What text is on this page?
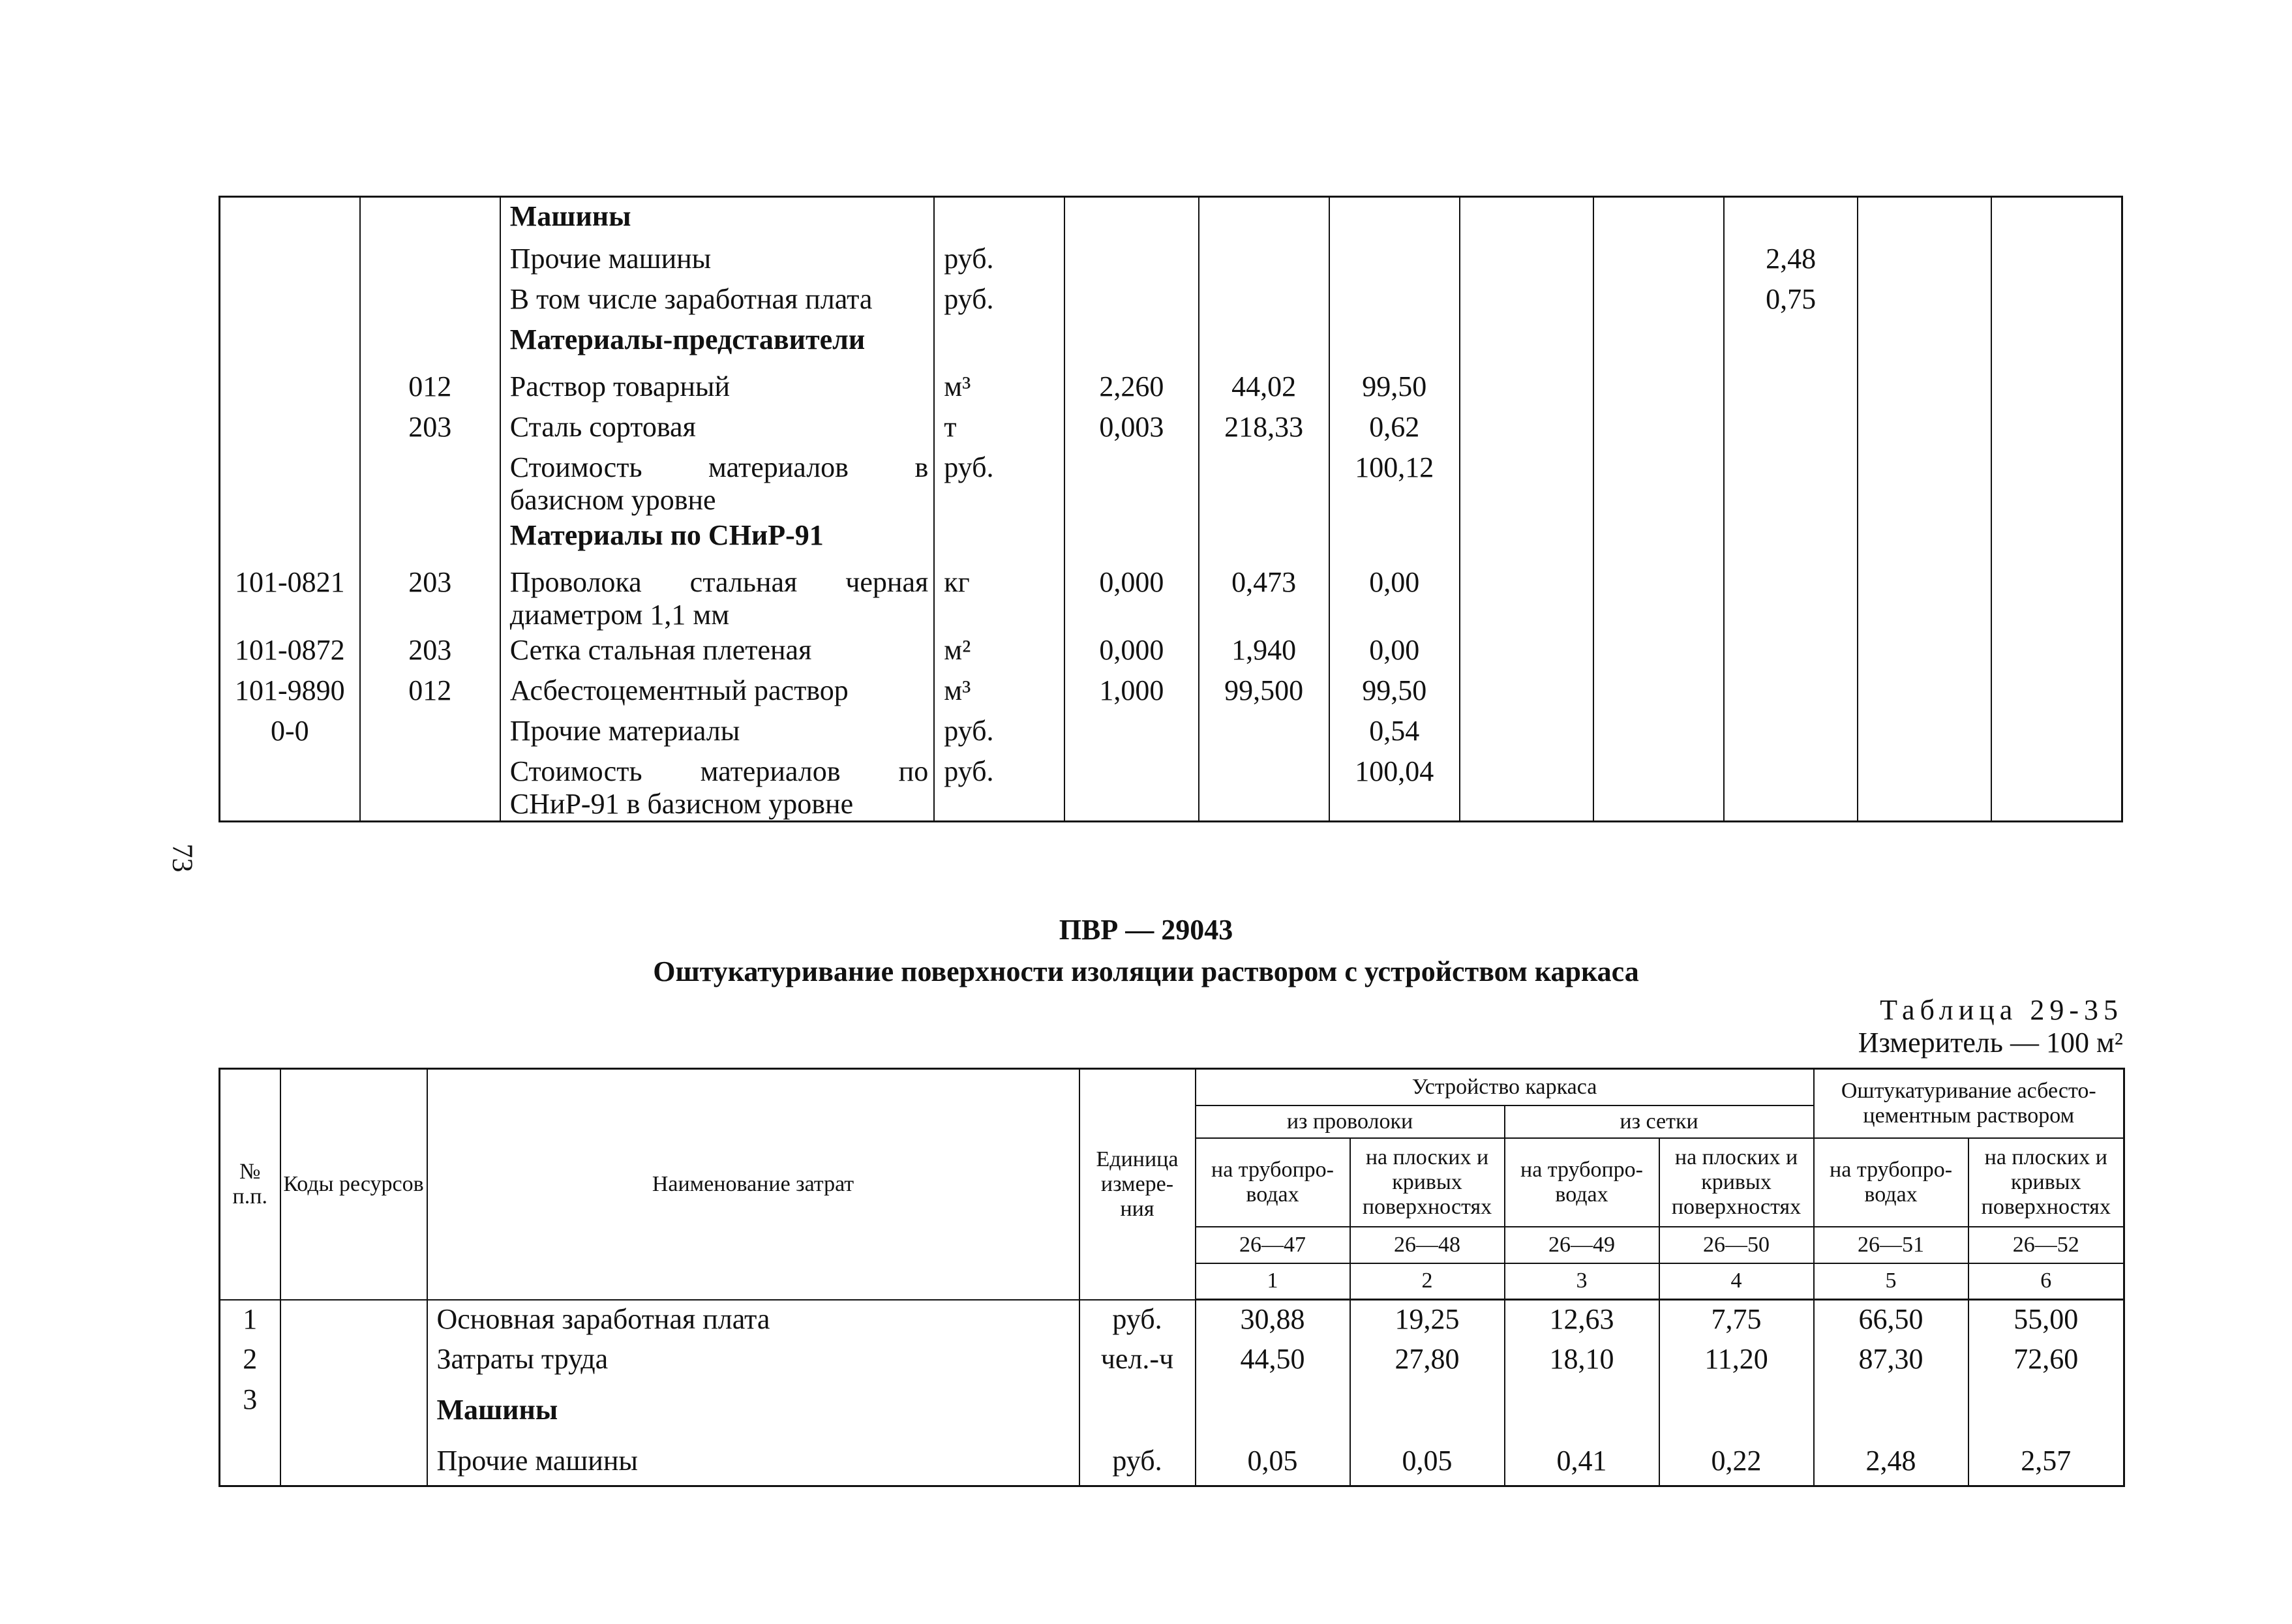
73
		Машины									
		Прочие машины	руб.						2,48		
		В том числе заработная плата	руб.						0,75		
		Материалы-представители									
	012	Раствор товарный	м³	2,260	44,02	99,50					
	203	Сталь сортовая	т	0,003	218,33	0,62					
		Стоимость материалов в базисном уровне	руб.			100,12					
		Материалы по СНиР-91									
101-0821	203	Проволока стальная черная диаметром 1,1 мм	кг	0,000	0,473	0,00					
101-0872	203	Сетка стальная плетеная	м²	0,000	1,940	0,00					
101-9890	012	Асбестоцементный раствор	м³	1,000	99,500	99,50					
0-0		Прочие материалы	руб.			0,54					
		Стоимость материалов по СНиР-91 в базисном уровне	руб.			100,04					
ПВР — 29043
Оштукатуривание поверхности изоляции раствором с устройством каркаса
Таблица 29-35
Измеритель — 100 м²
№ п.п.	Коды ресурсов	Наименование затрат	Единица измере- ния	Устройство каркаса				Оштукатуривание асбесто- цементным раствором	
				из проволоки		из сетки			
				на трубопро- водах	на плоских и кривых поверхностях	на трубопро- водах	на плоских и кривых поверхностях	на трубопро- водах	на плоских и кривых поверхностях
				26—47	26—48	26—49	26—50	26—51	26—52
				1	2	3	4	5	6
1		Основная заработная плата	руб.	30,88	19,25	12,63	7,75	66,50	55,00
2		Затраты труда	чел.-ч	44,50	27,80	18,10	11,20	87,30	72,60
3		Машины							
		Прочие машины	руб.	0,05	0,05	0,41	0,22	2,48	2,57
